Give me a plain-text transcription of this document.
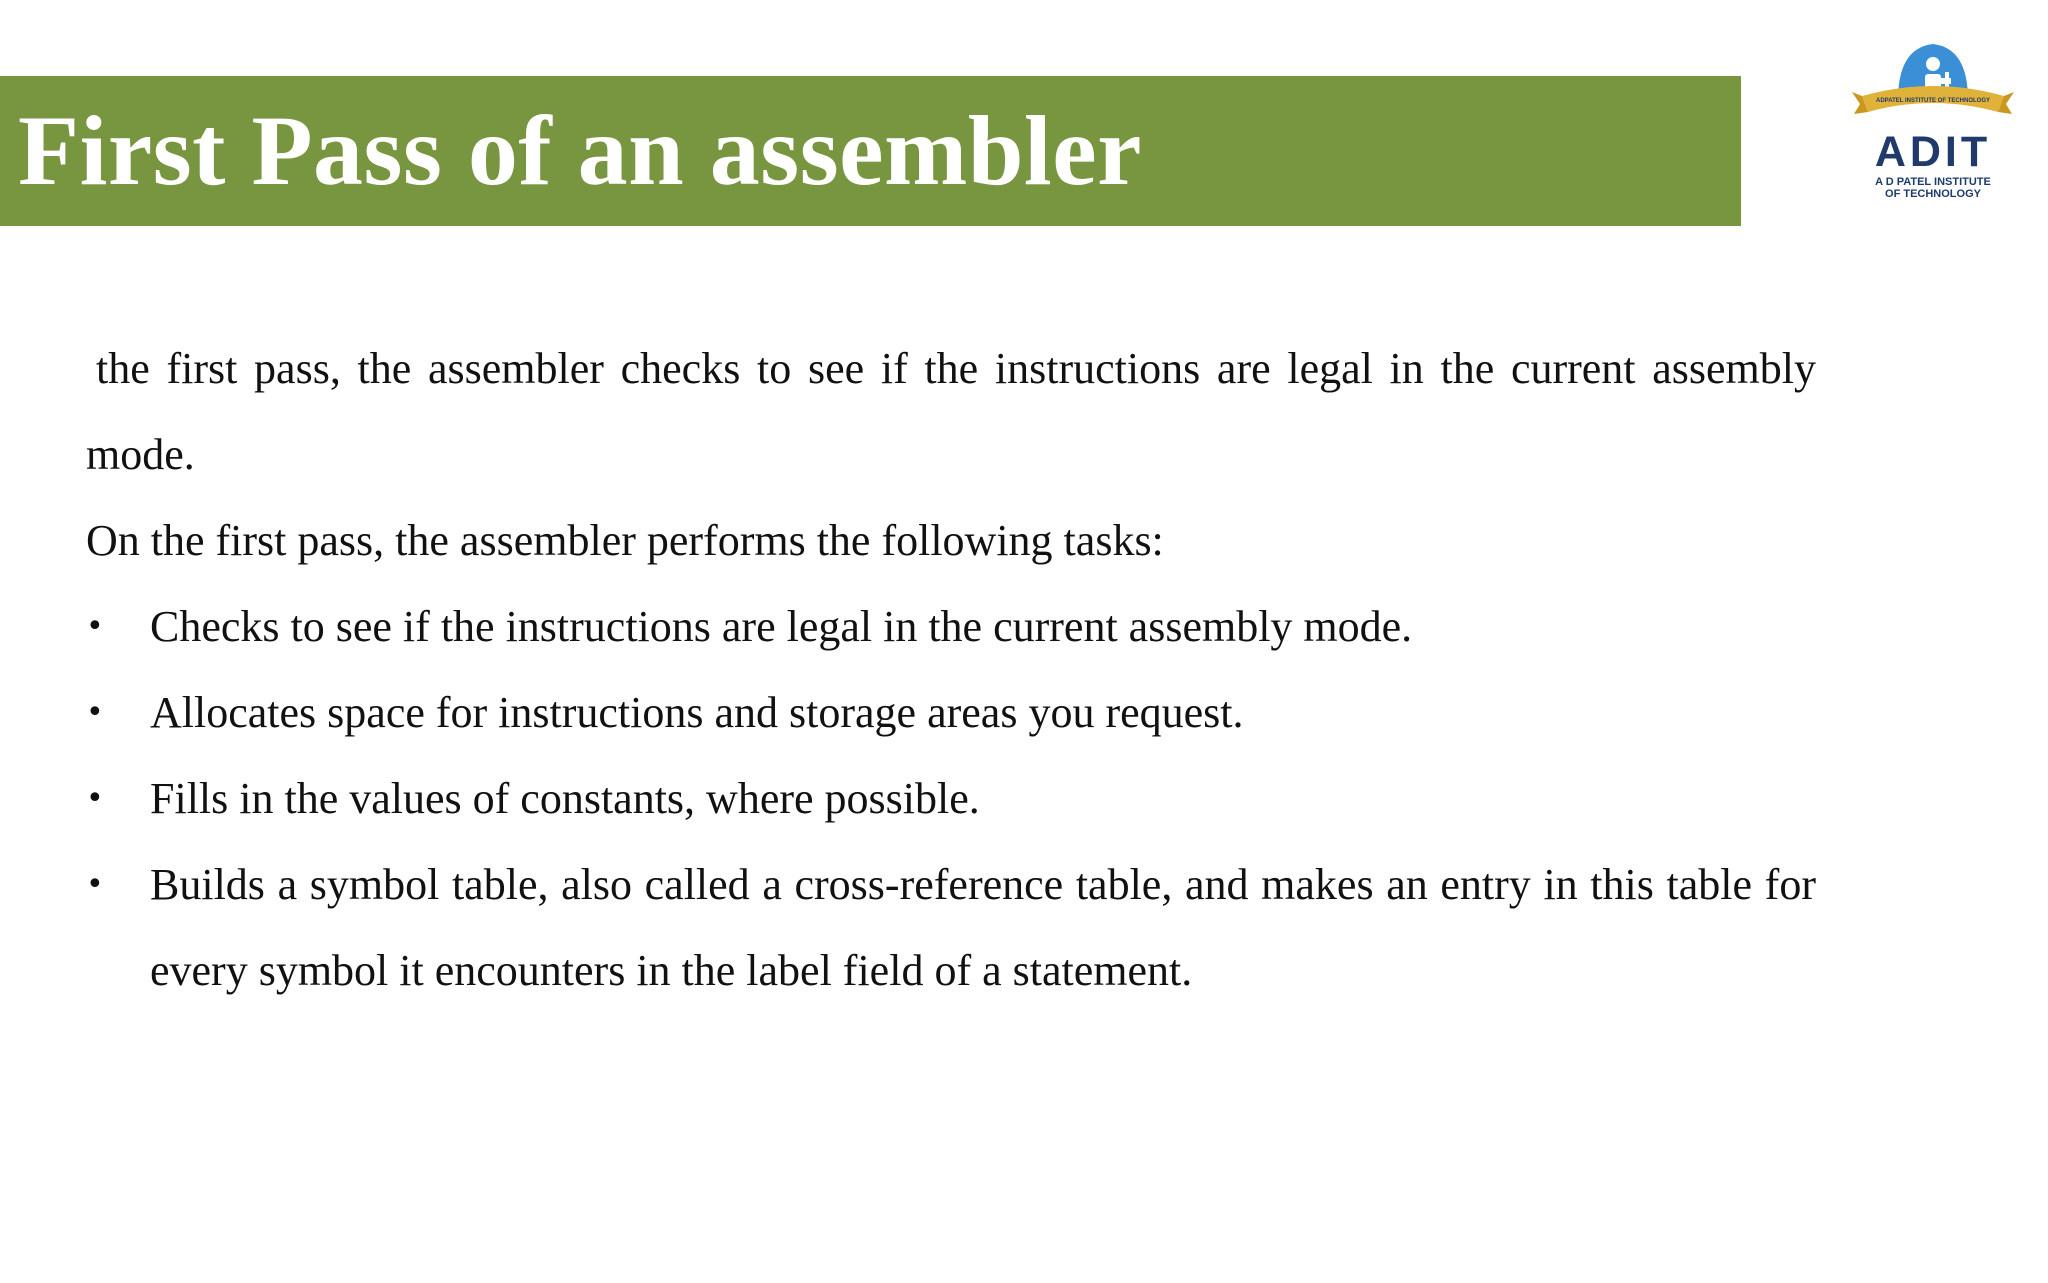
First Pass of an assembler	ADPATEL INSTITUTE OF TECHNOLOGY
ADIT
A D PATEL INSTITUTE
OF TECHNOLOGY

the first pass, the assembler checks to see if the instructions are legal in the current assembly mode.

On the first pass, the assembler performs the following tasks:

• Checks to see if the instructions are legal in the current assembly mode.
• Allocates space for instructions and storage areas you request.
• Fills in the values of constants, where possible.
• Builds a symbol table, also called a cross-reference table, and makes an entry in this table for every symbol it encounters in the label field of a statement.
